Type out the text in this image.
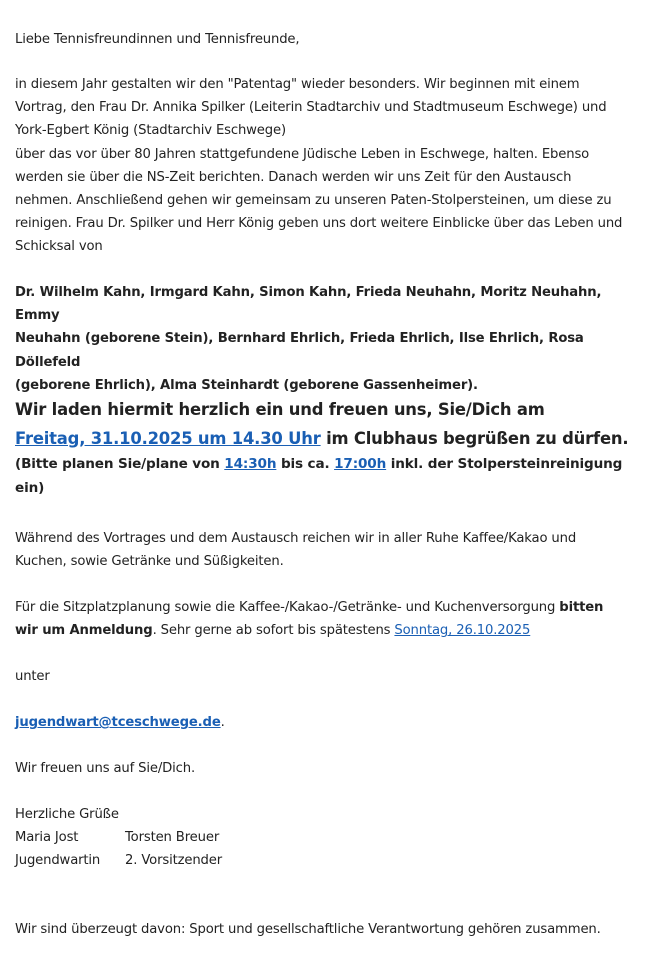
Liebe Tennisfreundinnen und Tennisfreunde,

in diesem Jahr gestalten wir den "Patentag" wieder besonders. Wir beginnen mit einem
Vortrag, den Frau Dr. Annika Spilker (Leiterin Stadtarchiv und Stadtmuseum Eschwege) und
York-Egbert König (Stadtarchiv Eschwege)
über das vor über 80 Jahren stattgefundene Jüdische Leben in Eschwege, halten. Ebenso
werden sie über die NS-Zeit berichten. Danach werden wir uns Zeit für den Austausch
nehmen. Anschließend gehen wir gemeinsam zu unseren Paten-Stolpersteinen, um diese zu
reinigen. Frau Dr. Spilker und Herr König geben uns dort weitere Einblicke über das Leben und
Schicksal von
Dr. Wilhelm Kahn, Irmgard Kahn, Simon Kahn, Frieda Neuhahn, Moritz Neuhahn, Emmy
Neuhahn (geborene Stein), Bernhard Ehrlich, Frieda Ehrlich, Ilse Ehrlich, Rosa Döllefeld
(geborene Ehrlich), Alma Steinhardt (geborene Gassenheimer).
Wir laden hiermit herzlich ein und freuen uns, Sie/Dich am
Freitag, 31.10.2025 um 14.30 Uhr im Clubhaus begrüßen zu dürfen.
(Bitte planen Sie/plane von 14:30h bis ca. 17:00h inkl. der Stolpersteinreinigung
ein)
Während des Vortrages und dem Austausch reichen wir in aller Ruhe Kaffee/Kakao und
Kuchen, sowie Getränke und Süßigkeiten.
Für die Sitzplatzplanung sowie die Kaffee-/Kakao-/Getränke- und Kuchenversorgung bitten
wir um Anmeldung. Sehr gerne ab sofort bis spätestens Sonntag, 26.10.2025

unter

jugendwart@tceschwege.de.

Wir freuen uns auf Sie/Dich.

Herzliche Grüße

Maria Jost	Torsten Breuer
Jugendwartin 2. Vorsitzender

Wir sind überzeugt davon: Sport und gesellschaftliche Verantwortung gehören zusammen.
